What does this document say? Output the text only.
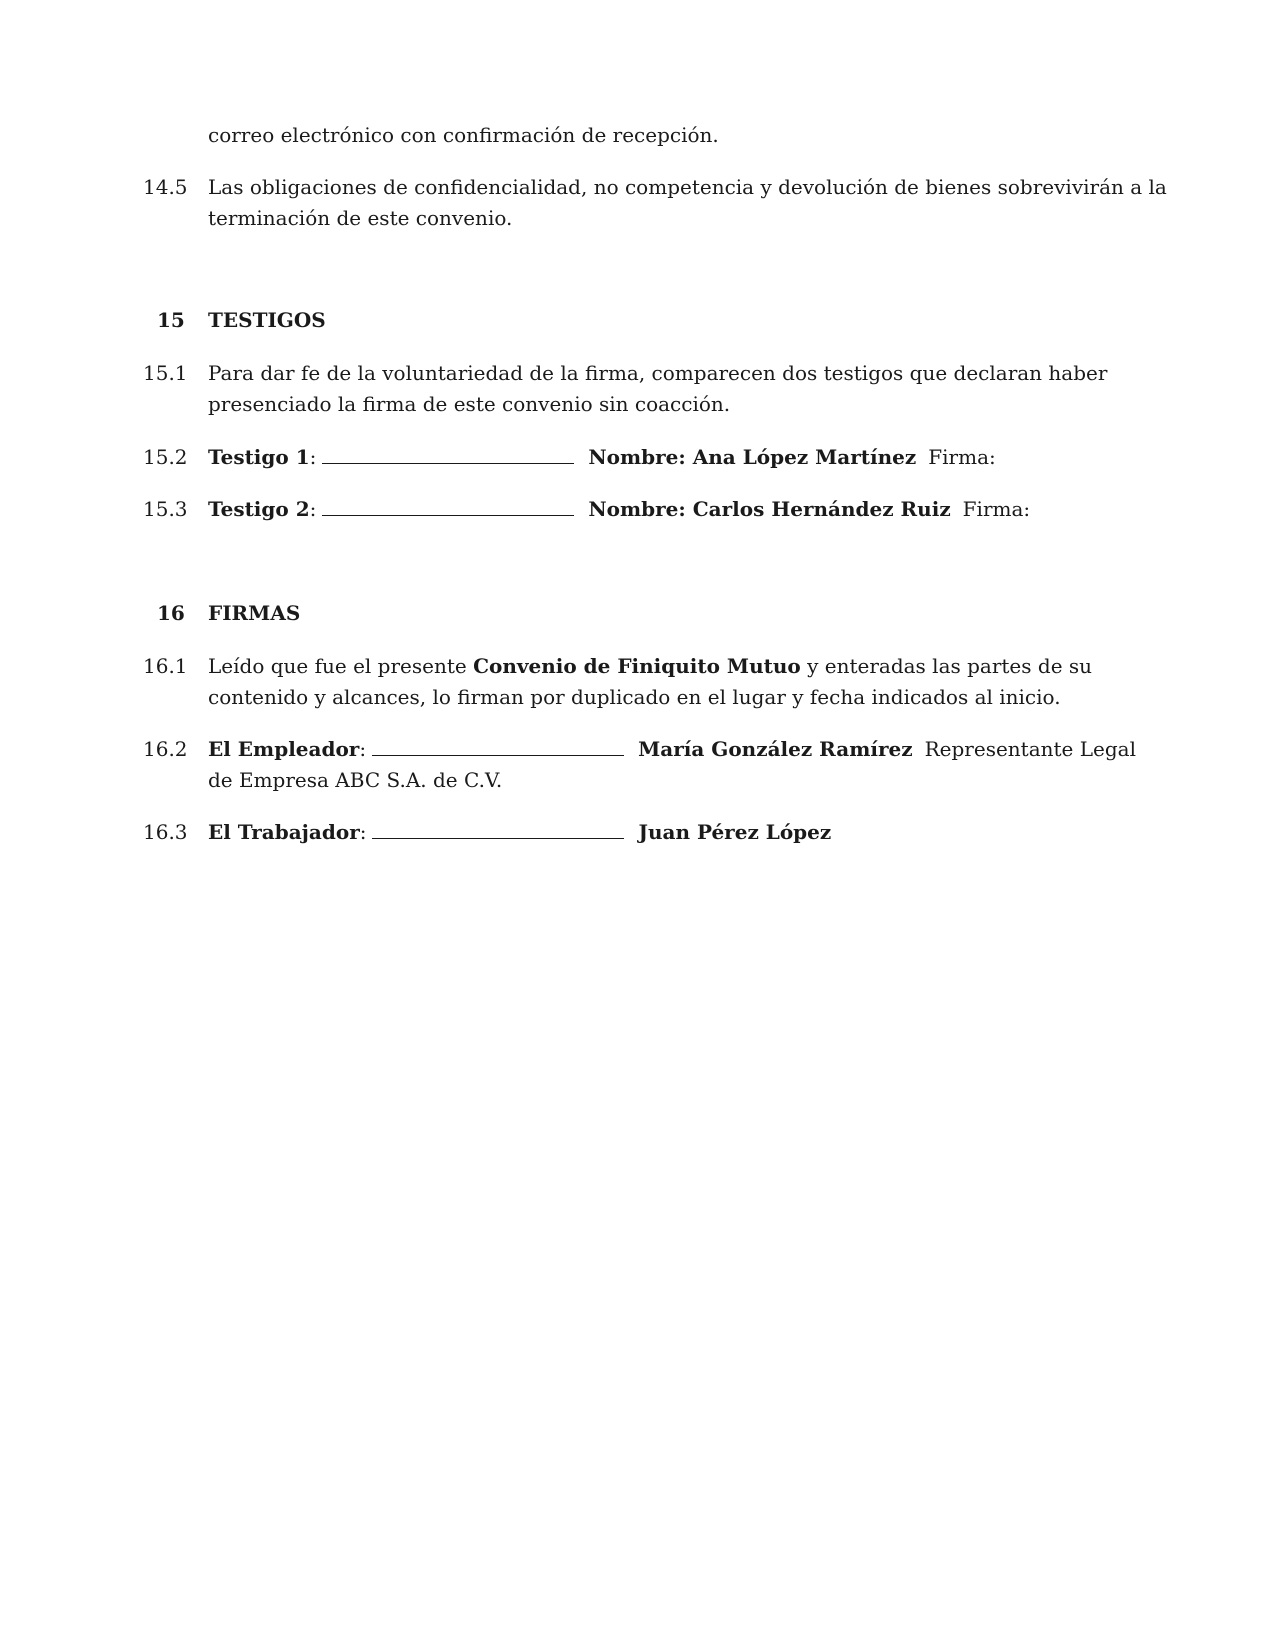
correo electrónico con confirmación de recepción.
14.5 Las obligaciones de confidencialidad, no competencia y devolución de bienes sobrevivirán a la
terminación de este convenio.
15 TESTIGOS
15.1 Para dar fe de la voluntariedad de la firma, comparecen dos testigos que declaran haber
presenciado la firma de este convenio sin coacción.
15.2 Testigo 1:	Nombre: Ana López Martínez Firma:
15.3 Testigo 2:	Nombre: Carlos Hernández Ruiz Firma:
16 FIRMAS
16.1 Leído que fue el presente Convenio de Finiquito Mutuo y enteradas las partes de su
contenido y alcances, lo firman por duplicado en el lugar y fecha indicados al inicio.
16.2 El Empleador:	María González Ramírez Representante Legal
de Empresa ABC S.A. de C.V.
16.3 El Trabajador:	Juan Pérez López
